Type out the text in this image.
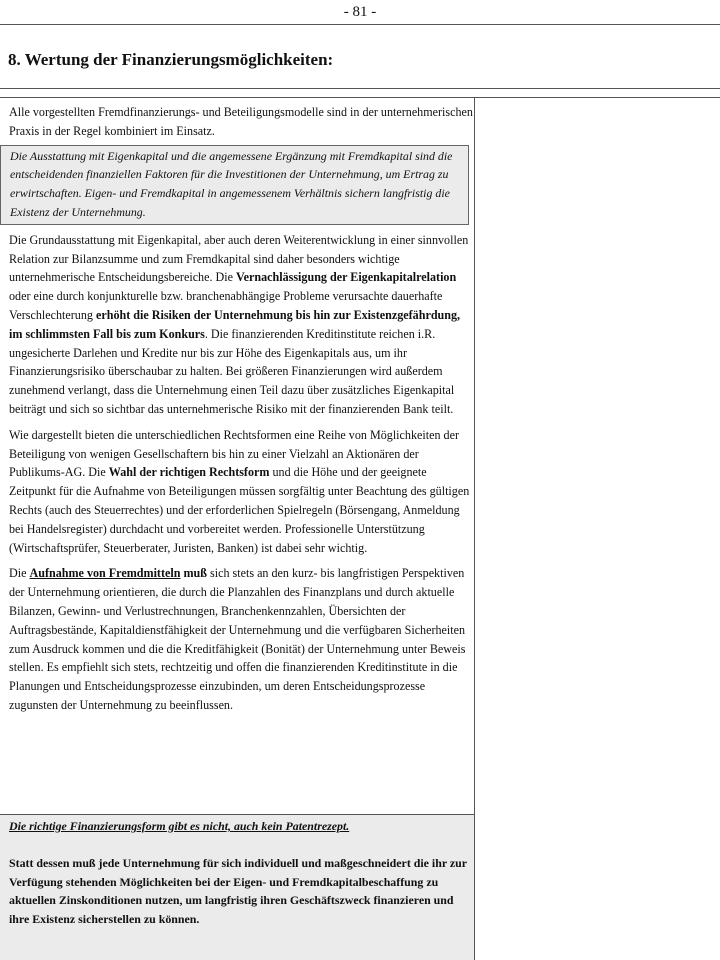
- 81 -
8. Wertung der Finanzierungsmöglichkeiten:

Alle vorgestellten Fremdfinanzierungs- und Beteiligungsmodelle sind in der unternehmerischen Praxis in der Regel kombiniert im Einsatz.

Die Ausstattung mit Eigenkapital und die angemessene Ergänzung mit Fremdkapital sind die entscheidenden finanziellen Faktoren für die Investitionen der Unternehmung, um Ertrag zu erwirtschaften. Eigen- und Fremdkapital in angemessenem Verhältnis sichern langfristig die Existenz der Unternehmung.

Die Grundausstattung mit Eigenkapital, aber auch deren Weiterentwicklung in einer sinnvollen Relation zur Bilanzsumme und zum Fremdkapital sind daher besonders wichtige unternehmerische Entscheidungsbereiche. Die Vernachlässigung der Eigenkapitalrelation oder eine durch konjunkturelle bzw. branchenabhängige Probleme verursachte dauerhafte Verschlechterung erhöht die Risiken der Unternehmung bis hin zur Existenzgefährdung, im schlimmsten Fall bis zum Konkurs. Die finanzierenden Kreditinstitute reichen i.R. ungesicherte Darlehen und Kredite nur bis zur Höhe des Eigenkapitals aus, um ihr Finanzierungsrisiko überschaubar zu halten. Bei größeren Finanzierungen wird außerdem zunehmend verlangt, dass die Unternehmung einen Teil dazu über zusätzliches Eigenkapital beiträgt und sich so sichtbar das unternehmerische Risiko mit der finanzierenden Bank teilt.

Wie dargestellt bieten die unterschiedlichen Rechtsformen eine Reihe von Möglichkeiten der Beteiligung von wenigen Gesellschaftern bis hin zu einer Vielzahl an Aktionären der Publikums-AG. Die Wahl der richtigen Rechtsform und die Höhe und der geeignete Zeitpunkt für die Aufnahme von Beteiligungen müssen sorgfältig unter Beachtung des gültigen Rechts (auch des Steuerrechtes) und der erforderlichen Spielregeln (Börsengang, Anmeldung bei Handelsregister) durchdacht und vorbereitet werden. Professionelle Unterstützung (Wirtschaftsprüfer, Steuerberater, Juristen, Banken) ist dabei sehr wichtig.

Die Aufnahme von Fremdmitteln muß sich stets an den kurz- bis langfristigen Perspektiven der Unternehmung orientieren, die durch die Planzahlen des Finanzplans und durch aktuelle Bilanzen, Gewinn- und Verlustrechnungen, Branchenkennzahlen, Übersichten der Auftragsbestände, Kapitaldienstfähigkeit der Unternehmung und die verfügbaren Sicherheiten zum Ausdruck kommen und die die Kreditfähigkeit (Bonität) der Unternehmung unter Beweis stellen. Es empfiehlt sich stets, rechtzeitig und offen die finanzierenden Kreditinstitute in die Planungen und Entscheidungsprozesse einzubinden, um deren Entscheidungsprozesse zugunsten der Unternehmung zu beeinflussen.

Die richtige Finanzierungsform gibt es nicht, auch kein Patentrezept.

Statt dessen muß jede Unternehmung für sich individuell und maßgeschneidert die ihr zur Verfügung stehenden Möglichkeiten bei der Eigen- und Fremdkapitalbeschaffung zu aktuellen Zinskonditionen nutzen, um langfristig ihren Geschäftszweck finanzieren und ihre Existenz sicherstellen zu können.
